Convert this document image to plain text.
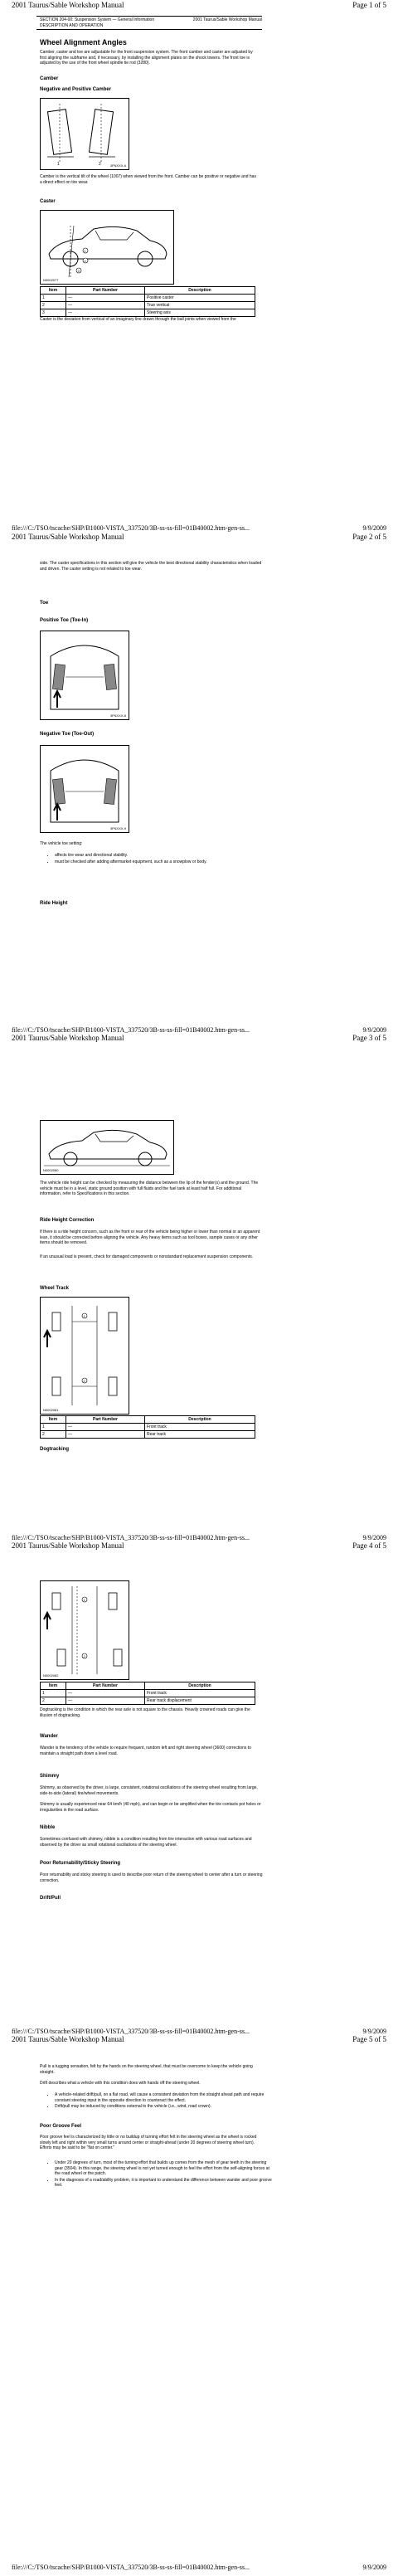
2001 Taurus/Sable Workshop Manual	Page 1 of 5
SECTION 204-00: Suspension System — General Information	2001 Taurus/Sable Workshop Manual
DESCRIPTION AND OPERATION
Wheel Alignment Angles
Camber, caster and toe are adjustable for the front suspension system. The front camber and caster are adjusted by first aligning the subframe and, if necessary, by installing the alignment plates on the shock towers. The front toe is adjusted by the use of the front wheel spindle tie rod (3280).
Camber
Negative and Positive Camber
1	2	3FNXXX-6
Camber is the vertical tilt of the wheel (1007) when viewed from the front. Camber can be positive or negative and has a direct effect on tire wear.
Caster
1
2
3
N0002077
Item	Part Number	Description
1	—	Positive caster
2	—	True vertical
3	—	Steering axis
Caster is the deviation from vertical of an imaginary line drawn through the ball joints when viewed from the
file:///C:/TSO/tscache/SHP/B1000-VISTA_337520/3B-ss-ss-fill=01B40002.htm-gen-ss...	9/9/2009
2001 Taurus/Sable Workshop Manual	Page 2 of 5
side. The caster specifications in this section will give the vehicle the best directional stability characteristics when loaded and driven. The caster setting is not related to toe wear.
Toe
Positive Toe (Toe-In)
3FNXXX-8
Negative Toe (Toe-Out)
3FNXXX-9
The vehicle toe setting:
• affects tire wear and directional stability.
• must be checked after adding aftermarket equipment, such as a snowplow or body.
Ride Height
file:///C:/TSO/tscache/SHP/B1000-VISTA_337520/3B-ss-ss-fill=01B40002.htm-gen-ss...	9/9/2009
2001 Taurus/Sable Workshop Manual	Page 3 of 5
N0002080
The vehicle ride height can be checked by measuring the distance between the lip of the fender(s) and the ground. The vehicle must be in a level, static ground position with full fluids and the fuel tank at least half full. For additional information, refer to Specifications in this section.
Ride Height Correction
If there is a ride height concern, such as the front or rear of the vehicle being higher or lower than normal or an apparent lean, it should be corrected before aligning the vehicle. Any heavy items such as tool boxes, sample cases or any other items should be removed.
If an unusual load is present, check for damaged components or nonstandard replacement suspension components.
Wheel Track
1
2
N0002081
Item	Part Number	Description
1	—	Front track
2	—	Rear track
Dogtracking
file:///C:/TSO/tscache/SHP/B1000-VISTA_337520/3B-ss-ss-fill=01B40002.htm-gen-ss...	9/9/2009
2001 Taurus/Sable Workshop Manual	Page 4 of 5
1
2
N0002082
Item	Part Number	Description
1	—	Front track
2	—	Rear track displacement
Dogtracking is the condition in which the rear axle is not square to the chassis. Heavily crowned roads can give the illusion of dogtracking.
Wander
Wander is the tendency of the vehicle to require frequent, random left and right steering wheel (3600) corrections to maintain a straight path down a level road.
Shimmy
Shimmy, as observed by the driver, is large, consistent, rotational oscillations of the steering wheel resulting from large, side-to-side (lateral) tire/wheel movements.
Shimmy is usually experienced near 64 km/h (40 mph), and can begin or be amplified when the tire contacts pot holes or irregularities in the road surface.
Nibble
Sometimes confused with shimmy, nibble is a condition resulting from tire interaction with various road surfaces and observed by the driver as small rotational oscillations of the steering wheel.
Poor Returnability/Sticky Steering
Poor returnability and sticky steering is used to describe poor return of the steering wheel to center after a turn or steering correction.
Drift/Pull
file:///C:/TSO/tscache/SHP/B1000-VISTA_337520/3B-ss-ss-fill=01B40002.htm-gen-ss...	9/9/2009
2001 Taurus/Sable Workshop Manual	Page 5 of 5
Pull is a tugging sensation, felt by the hands on the steering wheel, that must be overcome to keep the vehicle going straight.
Drift describes what a vehicle with this condition does with hands off the steering wheel.
• A vehicle-related drift/pull, on a flat road, will cause a consistent deviation from the straight ahead path and require constant steering input in the opposite direction to counteract the effect.
• Drift/pull may be induced by conditions external to the vehicle (i.e., wind, road crown).
Poor Groove Feel
Poor groove feel is characterized by little or no buildup of turning effort felt in the steering wheel as the wheel is rocked slowly left and right within very small turns around center or straight-ahead (under 20 degrees of steering wheel turn). Efforts may be said to be "flat on center."
• Under 20 degrees of turn, most of the turning effort that builds up comes from the mesh of gear teeth in the steering gear (3504). In this range, the steering wheel is not yet turned enough to feel the effort from the self-aligning forces at the road wheel or the patch.
• In the diagnosis of a road/ability problem, it is important to understand the difference between wander and poor groove feel.
file:///C:/TSO/tscache/SHP/B1000-VISTA_337520/3B-ss-ss-fill=01B40002.htm-gen-ss...	9/9/2009
